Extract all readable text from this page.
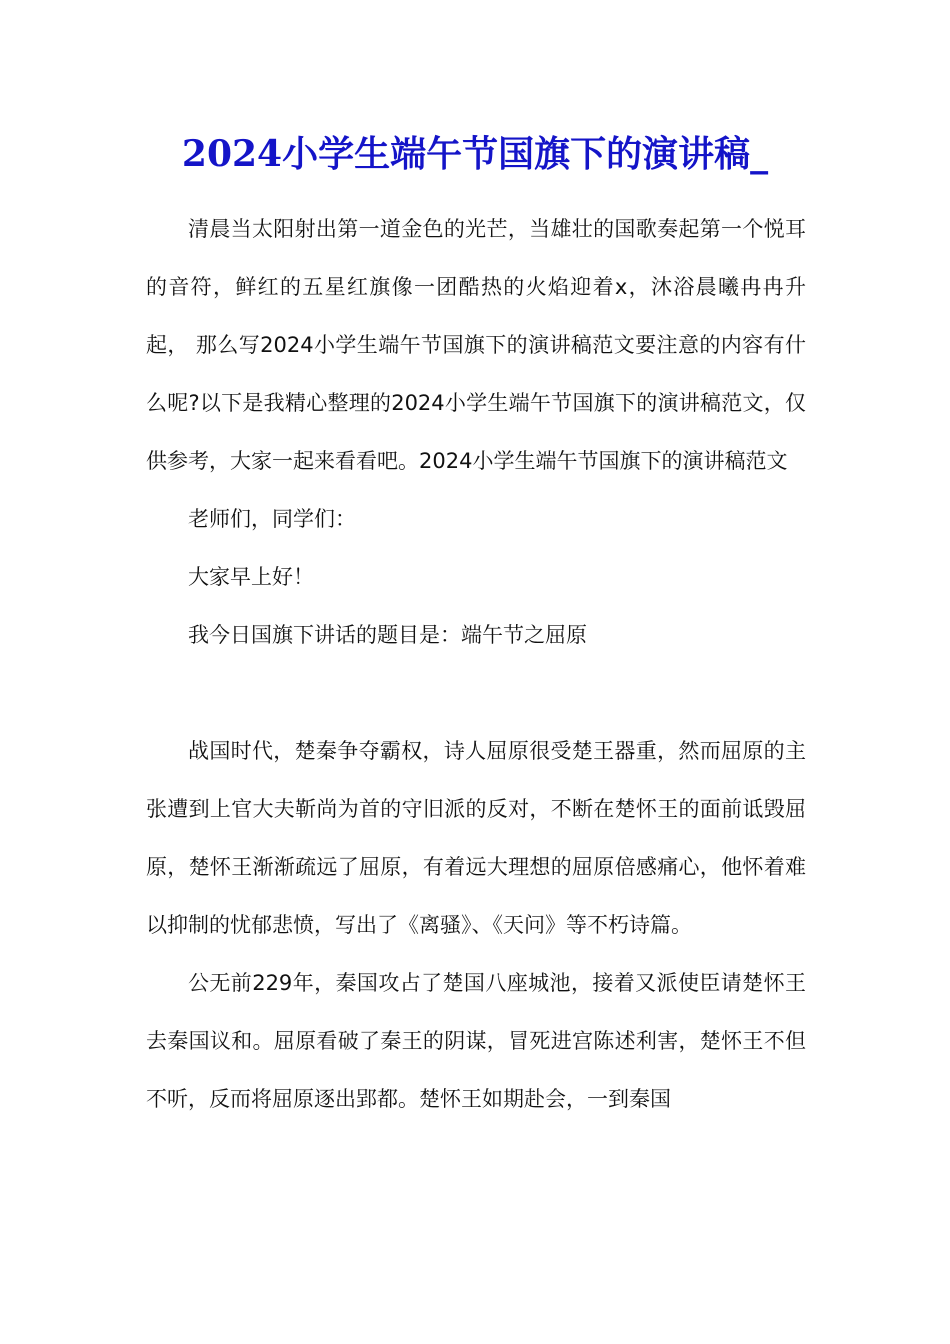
2024小学生端午节国旗下的演讲稿_

清晨当太阳射出第一道金色的光芒，当雄壮的国歌奏起第一个悦耳的音符，鲜红的五星红旗像一团酷热的火焰迎着x，沐浴晨曦冉冉升起， 那么写2024小学生端午节国旗下的演讲稿范文要注意的内容有什么呢?以下是我精心整理的2024小学生端午节国旗下的演讲稿范文，仅供参考，大家一起来看看吧。2024小学生端午节国旗下的演讲稿范文

老师们，同学们：

大家早上好！

我今日国旗下讲话的题目是：端午节之屈原

战国时代，楚秦争夺霸权，诗人屈原很受楚王器重，然而屈原的主张遭到上官大夫靳尚为首的守旧派的反对，不断在楚怀王的面前诋毁屈原，楚怀王渐渐疏远了屈原，有着远大理想的屈原倍感痛心，他怀着难以抑制的忧郁悲愤，写出了《离骚》、《天问》等不朽诗篇。

公无前229年，秦国攻占了楚国八座城池，接着又派使臣请楚怀王去秦国议和。屈原看破了秦王的阴谋，冒死进宫陈述利害，楚怀王不但不听，反而将屈原逐出郢都。楚怀王如期赴会，一到秦国
